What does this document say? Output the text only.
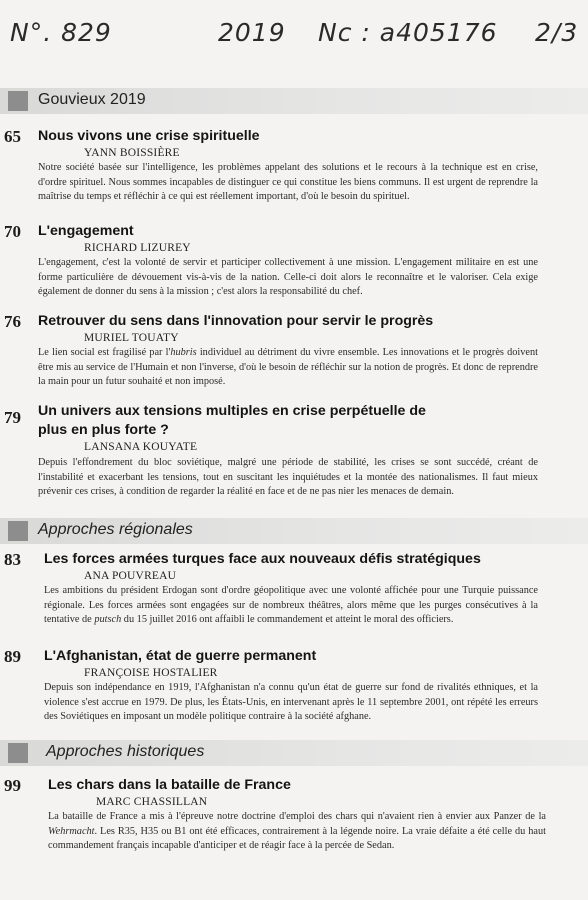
N°. 829	2019 Nc : a405176 2/3
Gouvieux 2019
65 Nous vivons une crise spirituelle
YANN BOISSIÈRE
Notre société basée sur l'intelligence, les problèmes appelant des solutions et le recours à la technique est en crise, d'ordre spirituel. Nous sommes incapables de distinguer ce qui constitue les biens communs. Il est urgent de reprendre la maîtrise du temps et réfléchir à ce qui est réellement important, d'où le besoin du spirituel.
70 L'engagement
RICHARD LIZUREY
L'engagement, c'est la volonté de servir et participer collectivement à une mission. L'engagement militaire en est une forme particulière de dévouement vis-à-vis de la nation. Celle-ci doit alors le reconnaître et le valoriser. Cela exige également de donner du sens à la mission ; c'est alors la responsabilité du chef.
76 Retrouver du sens dans l'innovation pour servir le progrès
MURIEL TOUATY
Le lien social est fragilisé par l'hubris individuel au détriment du vivre ensemble. Les innovations et le progrès doivent être mis au service de l'Humain et non l'inverse, d'où le besoin de réfléchir sur la notion de progrès. Et donc de reprendre la main pour un futur souhaité et non imposé.
79 Un univers aux tensions multiples en crise perpétuelle de plus en plus forte ?
LANSANA KOUYATE
Depuis l'effondrement du bloc soviétique, malgré une période de stabilité, les crises se sont succédé, créant de l'instabilité et exacerbant les tensions, tout en suscitant les inquiétudes et la montée des nationalismes. Il faut mieux prévenir ces crises, à condition de regarder la réalité en face et de ne pas nier les menaces de demain.
Approches régionales
83 Les forces armées turques face aux nouveaux défis stratégiques
ANA POUVREAU
Les ambitions du président Erdogan sont d'ordre géopolitique avec une volonté affichée pour une Turquie puissance régionale. Les forces armées sont engagées sur de nombreux théâtres, alors même que les purges consécutives à la tentative de putsch du 15 juillet 2016 ont affaibli le commandement et atteint le moral des officiers.
89 L'Afghanistan, état de guerre permanent
FRANÇOISE HOSTALIER
Depuis son indépendance en 1919, l'Afghanistan n'a connu qu'un état de guerre sur fond de rivalités ethniques, et la violence s'est accrue en 1979. De plus, les États-Unis, en intervenant après le 11 septembre 2001, ont répété les erreurs des Soviétiques en imposant un modèle politique contraire à la société afghane.
Approches historiques
99 Les chars dans la bataille de France
MARC CHASSILLAN
La bataille de France a mis à l'épreuve notre doctrine d'emploi des chars qui n'avaient rien à envier aux Panzer de la Wehrmacht. Les R35, H35 ou B1 ont été efficaces, contrairement à la légende noire. La vraie défaite a été celle du haut commandement français incapable d'anticiper et de réagir face à la percée de Sedan.
